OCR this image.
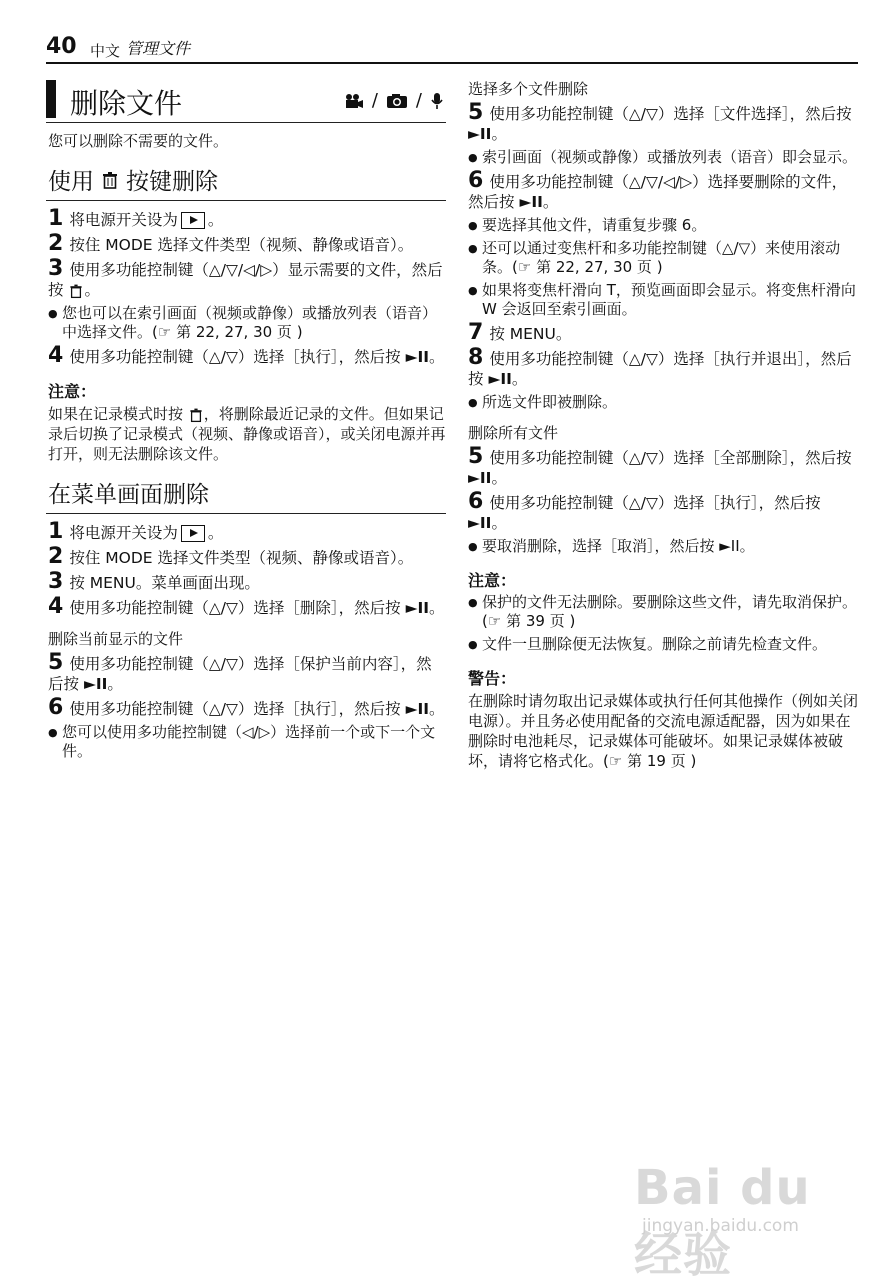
40 中文 管理文件
删除文件	/ /
您可以删除不需要的文件。
使用 按键删除
1 将电源开关设为 。
2 按住 MODE 选择文件类型（视频、静像或语音）。
3 使用多功能控制键（△/▽/◁/▷）显示需要的文件，然后按 。
● 您也可以在索引画面（视频或静像）或播放列表（语音）中选择文件。(☞ 第 22, 27, 30 页 )
4 使用多功能控制键（△/▽）选择［执行］，然后按 ►II。
注意：
如果在记录模式时按 ，将删除最近记录的文件。但如果记录后切换了记录模式（视频、静像或语音），或关闭电源并再打开，则无法删除该文件。
在菜单画面删除
1 将电源开关设为 。
2 按住 MODE 选择文件类型（视频、静像或语音）。
3 按 MENU。菜单画面出现。
4 使用多功能控制键（△/▽）选择［删除］，然后按 ►II。
删除当前显示的文件
5 使用多功能控制键（△/▽）选择［保护当前内容］，然后按 ►II。
6 使用多功能控制键（△/▽）选择［执行］，然后按 ►II。
● 您可以使用多功能控制键（◁/▷）选择前一个或下一个文件。
选择多个文件删除
5 使用多功能控制键（△/▽）选择［文件选择］，然后按 ►II。
● 索引画面（视频或静像）或播放列表（语音）即会显示。
6 使用多功能控制键（△/▽/◁/▷）选择要删除的文件，然后按 ►II。
● 要选择其他文件，请重复步骤 6。
● 还可以通过变焦杆和多功能控制键（△/▽）来使用滚动条。(☞ 第 22, 27, 30 页 )
● 如果将变焦杆滑向 T，预览画面即会显示。将变焦杆滑向 W 会返回至索引画面。
7 按 MENU。
8 使用多功能控制键（△/▽）选择［执行并退出］，然后按 ►II。
● 所选文件即被删除。
删除所有文件
5 使用多功能控制键（△/▽）选择［全部删除］，然后按 ►II。
6 使用多功能控制键（△/▽）选择［执行］，然后按 ►II。
● 要取消删除，选择［取消］，然后按 ►II。
注意：
● 保护的文件无法删除。要删除这些文件，请先取消保护。(☞ 第 39 页 )
● 文件一旦删除便无法恢复。删除之前请先检查文件。
警告：
在删除时请勿取出记录媒体或执行任何其他操作（例如关闭电源）。并且务必使用配备的交流电源适配器，因为如果在删除时电池耗尽，记录媒体可能破坏。如果记录媒体被破坏，请将它格式化。(☞ 第 19 页 )
Bai du 经验
jingyan.baidu.com
